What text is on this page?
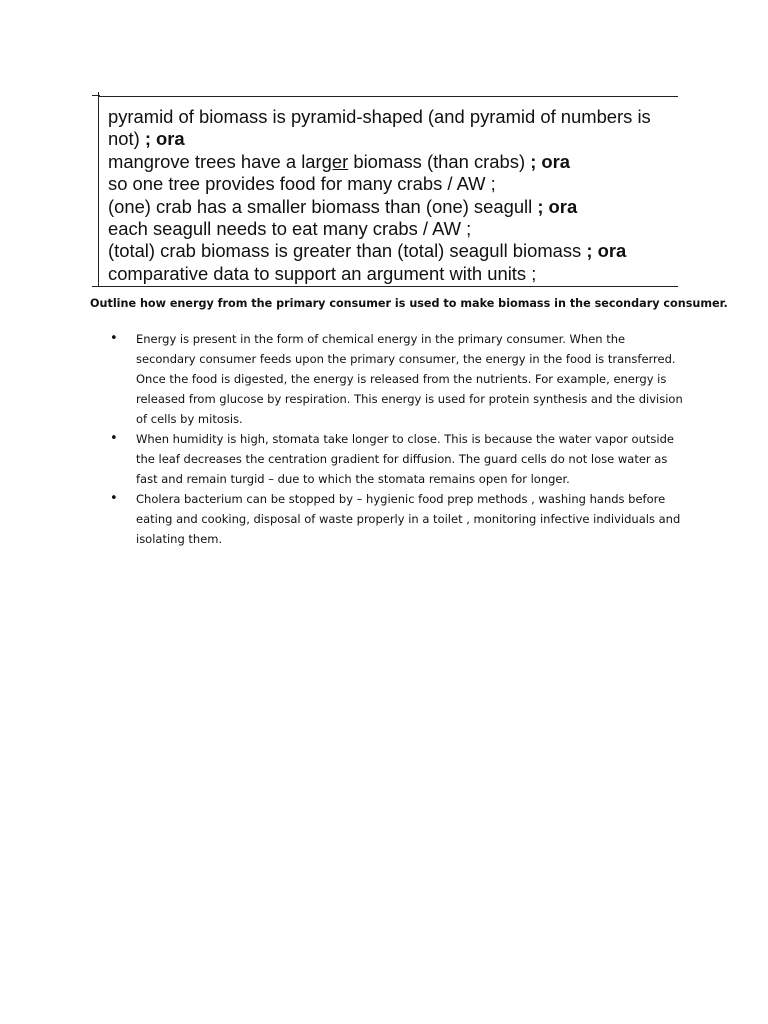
pyramid of biomass is pyramid-shaped (and pyramid of numbers is
not) ; ora
mangrove trees have a larger biomass (than crabs) ; ora
so one tree provides food for many crabs / AW ;
(one) crab has a smaller biomass than (one) seagull ; ora
each seagull needs to eat many crabs / AW ;
(total) crab biomass is greater than (total) seagull biomass ; ora
comparative data to support an argument with units ;
Outline how energy from the primary consumer is used to make biomass in the secondary consumer.
•	Energy is present in the form of chemical energy in the primary consumer. When the secondary consumer feeds upon the primary consumer, the energy in the food is transferred. Once the food is digested, the energy is released from the nutrients. For example, energy is released from glucose by respiration. This energy is used for protein synthesis and the division of cells by mitosis.
•	When humidity is high, stomata take longer to close. This is because the water vapor outside the leaf decreases the centration gradient for diffusion. The guard cells do not lose water as fast and remain turgid – due to which the stomata remains open for longer.
•	Cholera bacterium can be stopped by – hygienic food prep methods , washing hands before eating and cooking, disposal of waste properly in a toilet , monitoring infective individuals and isolating them.
